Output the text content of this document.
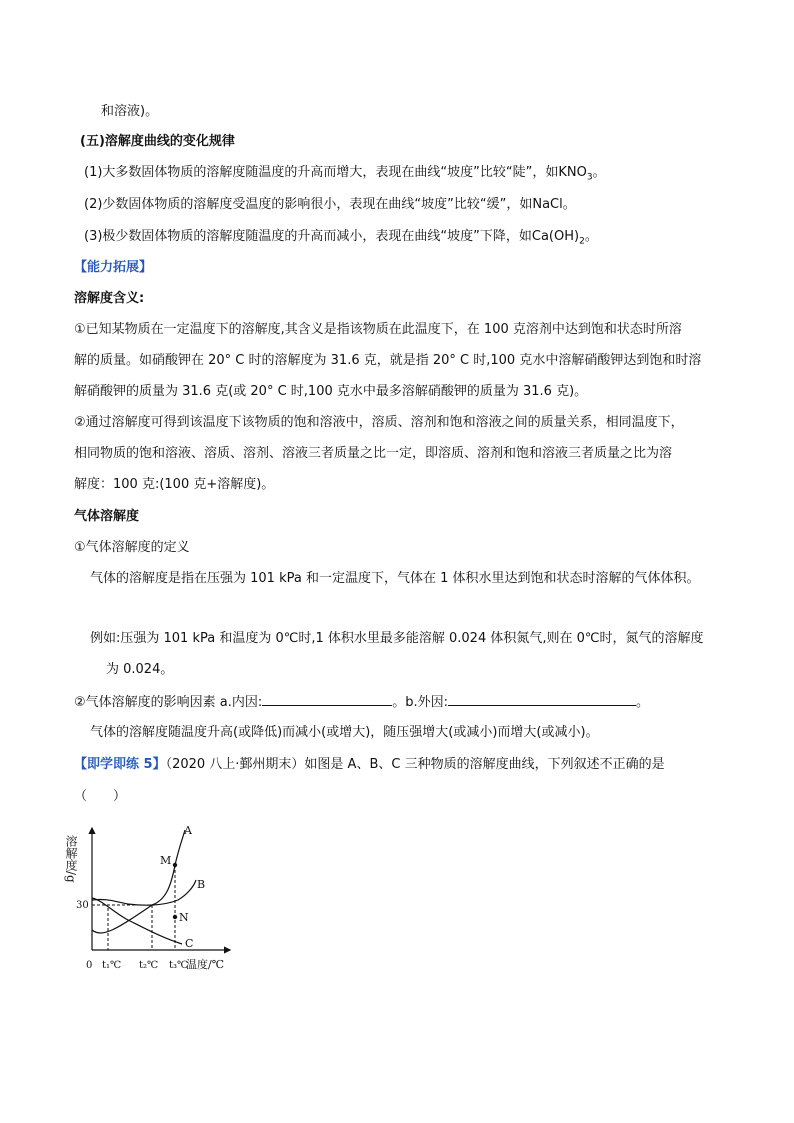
和溶液)。
(五)溶解度曲线的变化规律
(1)大多数固体物质的溶解度随温度的升高而增大，表现在曲线“坡度”比较“陡”，如$KNO_3$。
(2)少数固体物质的溶解度受温度的影响很小，表现在曲线“坡度”比较“缓”，如NaCl。
(3)极少数固体物质的溶解度随温度的升高而减小，表现在曲线“坡度”下降，如$Ca(OH)_2$。
【能力拓展】
溶解度含义:
①已知某物质在一定温度下的溶解度,其含义是指该物质在此温度下，在 100 克溶剂中达到饱和状态时所溶
解的质量。如硝酸钾在 20° C 时的溶解度为 31.6 克，就是指 20° C 时,100 克水中溶解硝酸钾达到饱和时溶
解硝酸钾的质量为 31.6 克(或 20° C 时,100 克水中最多溶解硝酸钾的质量为 31.6 克)。
②通过溶解度可得到该温度下该物质的饱和溶液中，溶质、溶剂和饱和溶液之间的质量关系，相同温度下，
相同物质的饱和溶液、溶质、溶剂、溶液三者质量之比一定，即溶质、溶剂和饱和溶液三者质量之比为溶
解度：100 克:(100 克+溶解度)。
气体溶解度
①气体溶解度的定义
气体的溶解度是指在压强为 101 kPa 和一定温度下，气体在 1 体积水里达到饱和状态时溶解的气体体积。
例如:压强为 101 kPa 和温度为 0℃时,1 体积水里最多能溶解 0.024 体积氮气,则在 0℃时，氮气的溶解度
为 0.024。
②气体溶解度的影响因素 a.内因:	。b.外因:	。
气体的溶解度随温度升高(或降低)而减小(或增大)，随压强增大(或减小)而增大(或减小)。
【即学即练 5】（2020 八上·鄞州期末）如图是 A、B、C 三种物质的溶解度曲线，下列叙述不正确的是
（　　）
溶解度/g
0
30
t₁℃ t₂℃ t₃℃
温度/℃
A
B
C
M
N
